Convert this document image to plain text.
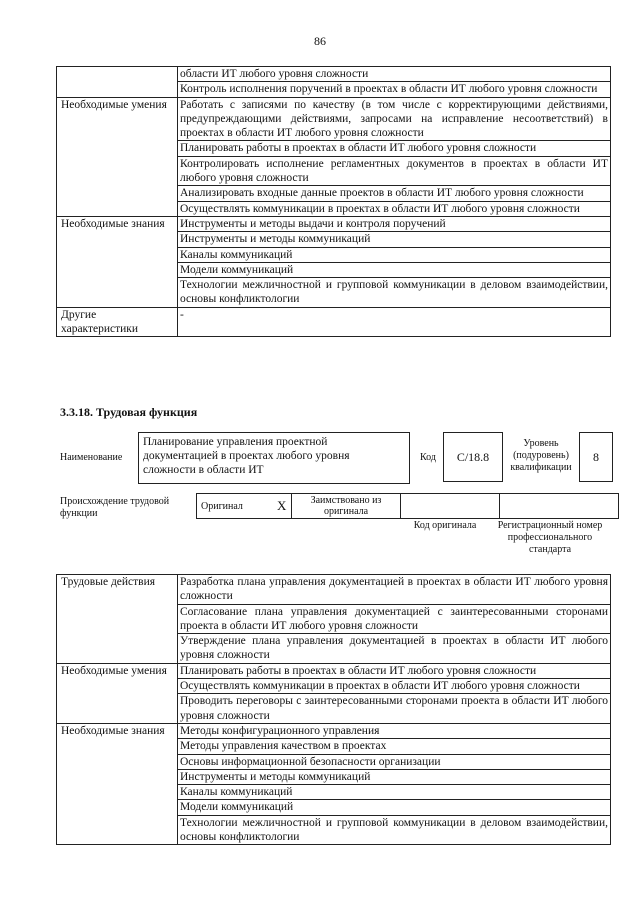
86
	области ИТ любого уровня сложности
	Контроль исполнения поручений в проектах в области ИТ любого уровня сложности
Необходимые умения	Работать с записями по качеству (в том числе с корректирующими действиями, предупреждающими действиями, запросами на исправление несоответствий) в проектах в области ИТ любого уровня сложности
	Планировать работы в проектах в области ИТ любого уровня сложности
	Контролировать исполнение регламентных документов в проектах в области ИТ любого уровня сложности
	Анализировать входные данные проектов в области ИТ любого уровня сложности
	Осуществлять коммуникации в проектах в области ИТ любого уровня сложности
Необходимые знания	Инструменты и методы выдачи и контроля поручений
	Инструменты и методы коммуникаций
	Каналы коммуникаций
	Модели коммуникаций
	Технологии межличностной и групповой коммуникации в деловом взаимодействии, основы конфликтологии
Другие характеристики	-
3.3.18. Трудовая функция
Наименование
Планирование управления проектной документацией в проектах любого уровня сложности в области ИТ
Код	С/18.8
Уровень (подуровень) квалификации
8
Происхождение трудовой функции
Оригинал	X	Заимствовано из оригинала		
Код оригинала	Регистрационный номер профессионального стандарта
Трудовые действия	Разработка плана управления документацией в проектах в области ИТ любого уровня сложности
	Согласование плана управления документацией с заинтересованными сторонами проекта в области ИТ любого уровня сложности
	Утверждение плана управления документацией в проектах в области ИТ любого уровня сложности
Необходимые умения	Планировать работы в проектах в области ИТ любого уровня сложности
	Осуществлять коммуникации в проектах в области ИТ любого уровня сложности
	Проводить переговоры с заинтересованными сторонами проекта в области ИТ любого уровня сложности
Необходимые знания	Методы конфигурационного управления
	Методы управления качеством в проектах
	Основы информационной безопасности организации
	Инструменты и методы коммуникаций
	Каналы коммуникаций
	Модели коммуникаций
	Технологии межличностной и групповой коммуникации в деловом взаимодействии, основы конфликтологии
